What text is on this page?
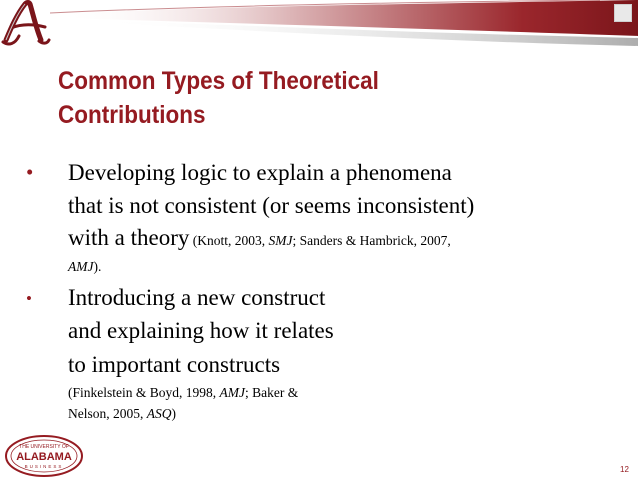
Common Types of Theoretical
Contributions
• Developing logic to explain a phenomena
that is not consistent (or seems inconsistent)
with a theory (Knott, 2003, SMJ; Sanders & Hambrick, 2007,
AMJ).
• Introducing a new construct
and explaining how it relates
to important constructs
(Finkelstein & Boyd, 1998, AMJ; Baker &
Nelson, 2005, ASQ)
THE UNIVERSITY OF
ALABAMA
BUSINESS	12
